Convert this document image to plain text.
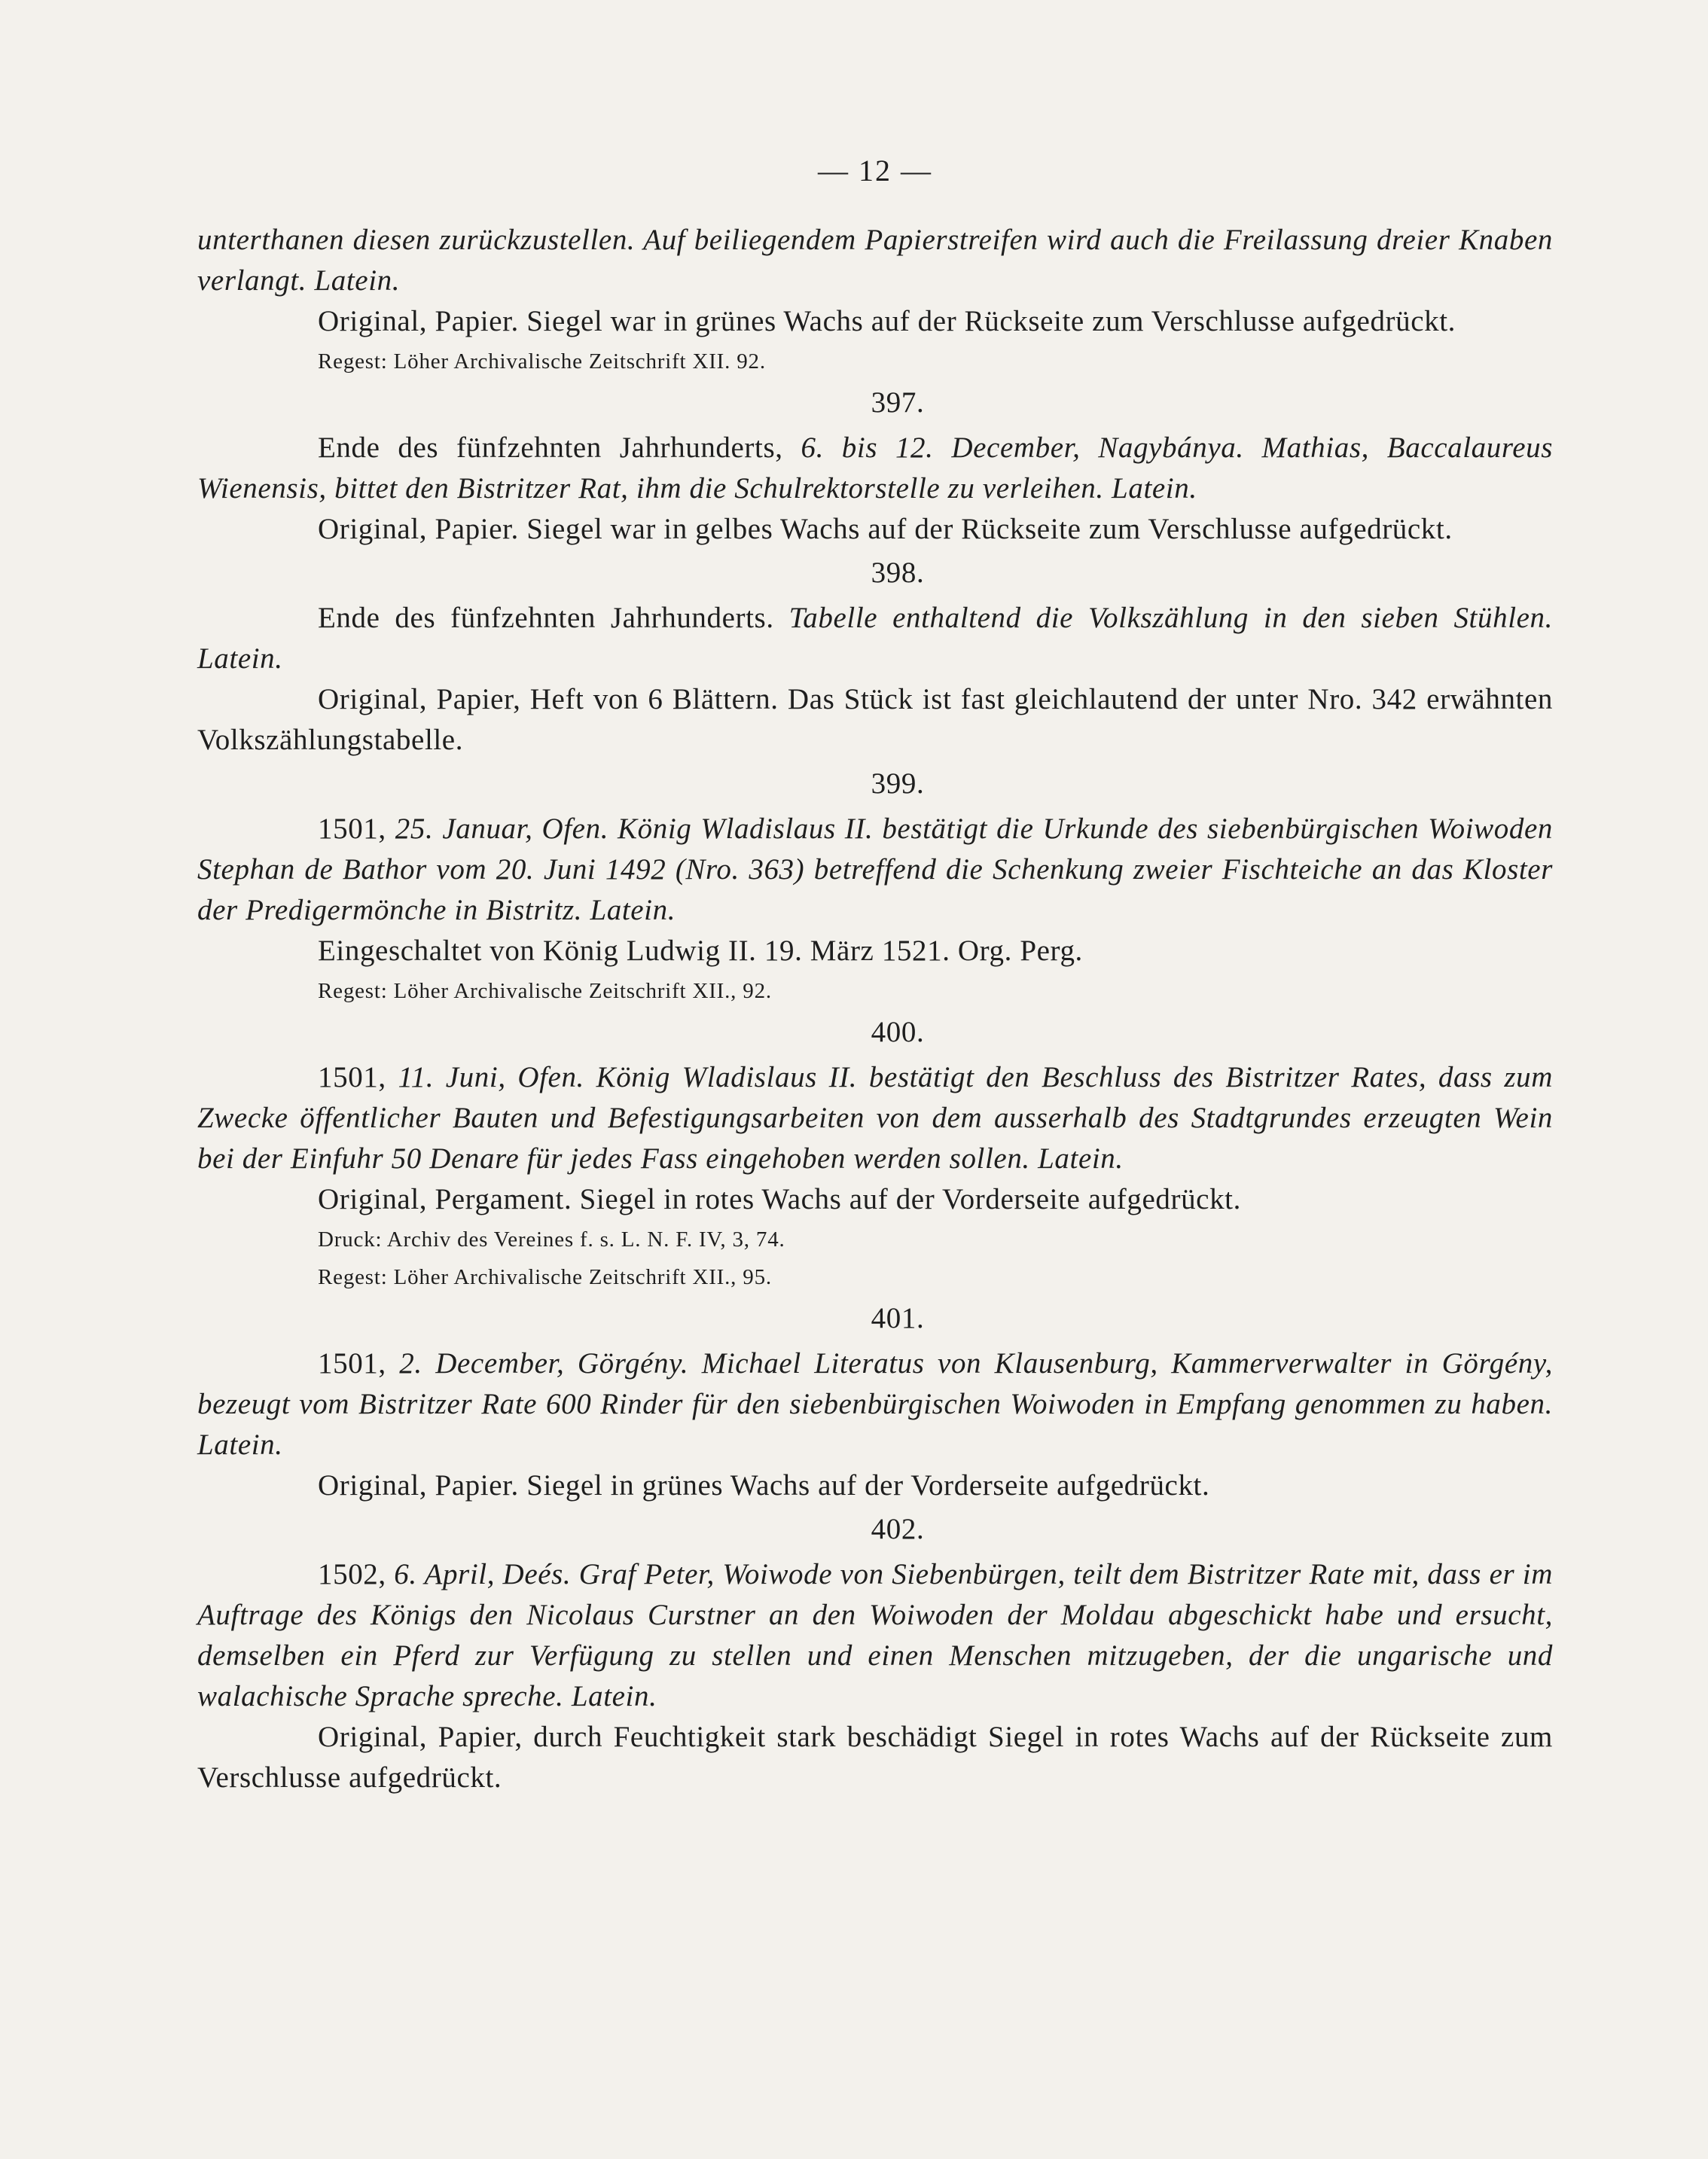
— 12 —

unterthanen diesen zurückzustellen. Auf beiliegendem Papierstreifen wird auch die Freilassung dreier Knaben verlangt. Latein.

Original, Papier. Siegel war in grünes Wachs auf der Rückseite zum Verschlusse aufgedrückt.

Regest: Löher Archivalische Zeitschrift XII. 92.
397.

Ende des fünfzehnten Jahrhunderts, 6. bis 12. December, Nagybánya. Mathias, Baccalaureus Wienensis, bittet den Bistritzer Rat, ihm die Schulrektorstelle zu verleihen. Latein.

Original, Papier. Siegel war in gelbes Wachs auf der Rückseite zum Verschlusse aufgedrückt.

398.

Ende des fünfzehnten Jahrhunderts. Tabelle enthaltend die Volkszählung in den sieben Stühlen. Latein.

Original, Papier, Heft von 6 Blättern. Das Stück ist fast gleichlautend der unter Nro. 342 erwähnten Volkszählungstabelle.

399.

1501, 25. Januar, Ofen. König Wladislaus II. bestätigt die Urkunde des siebenbürgischen Woiwoden Stephan de Bathor vom 20. Juni 1492 (Nro. 363) betreffend die Schenkung zweier Fischteiche an das Kloster der Predigermönche in Bistritz. Latein.

Eingeschaltet von König Ludwig II. 19. März 1521. Org. Perg.

Regest: Löher Archivalische Zeitschrift XII., 92.
400.

1501, 11. Juni, Ofen. König Wladislaus II. bestätigt den Beschluss des Bistritzer Rates, dass zum Zwecke öffentlicher Bauten und Befestigungsarbeiten von dem ausserhalb des Stadtgrundes erzeugten Wein bei der Einfuhr 50 Denare für jedes Fass eingehoben werden sollen. Latein.

Original, Pergament. Siegel in rotes Wachs auf der Vorderseite aufgedrückt.

Druck: Archiv des Vereines f. s. L. N. F. IV, 3, 74.
Regest: Löher Archivalische Zeitschrift XII., 95.
401.

1501, 2. December, Görgény. Michael Literatus von Klausenburg, Kammerverwalter in Görgény, bezeugt vom Bistritzer Rate 600 Rinder für den siebenbürgischen Woiwoden in Empfang genommen zu haben. Latein.

Original, Papier. Siegel in grünes Wachs auf der Vorderseite aufgedrückt.

402.

1502, 6. April, Deés. Graf Peter, Woiwode von Siebenbürgen, teilt dem Bistritzer Rate mit, dass er im Auftrage des Königs den Nicolaus Curstner an den Woiwoden der Moldau abgeschickt habe und ersucht, demselben ein Pferd zur Verfügung zu stellen und einen Menschen mitzugeben, der die ungarische und walachische Sprache spreche. Latein.

Original, Papier, durch Feuchtigkeit stark beschädigt Siegel in rotes Wachs auf der Rückseite zum Verschlusse aufgedrückt.
